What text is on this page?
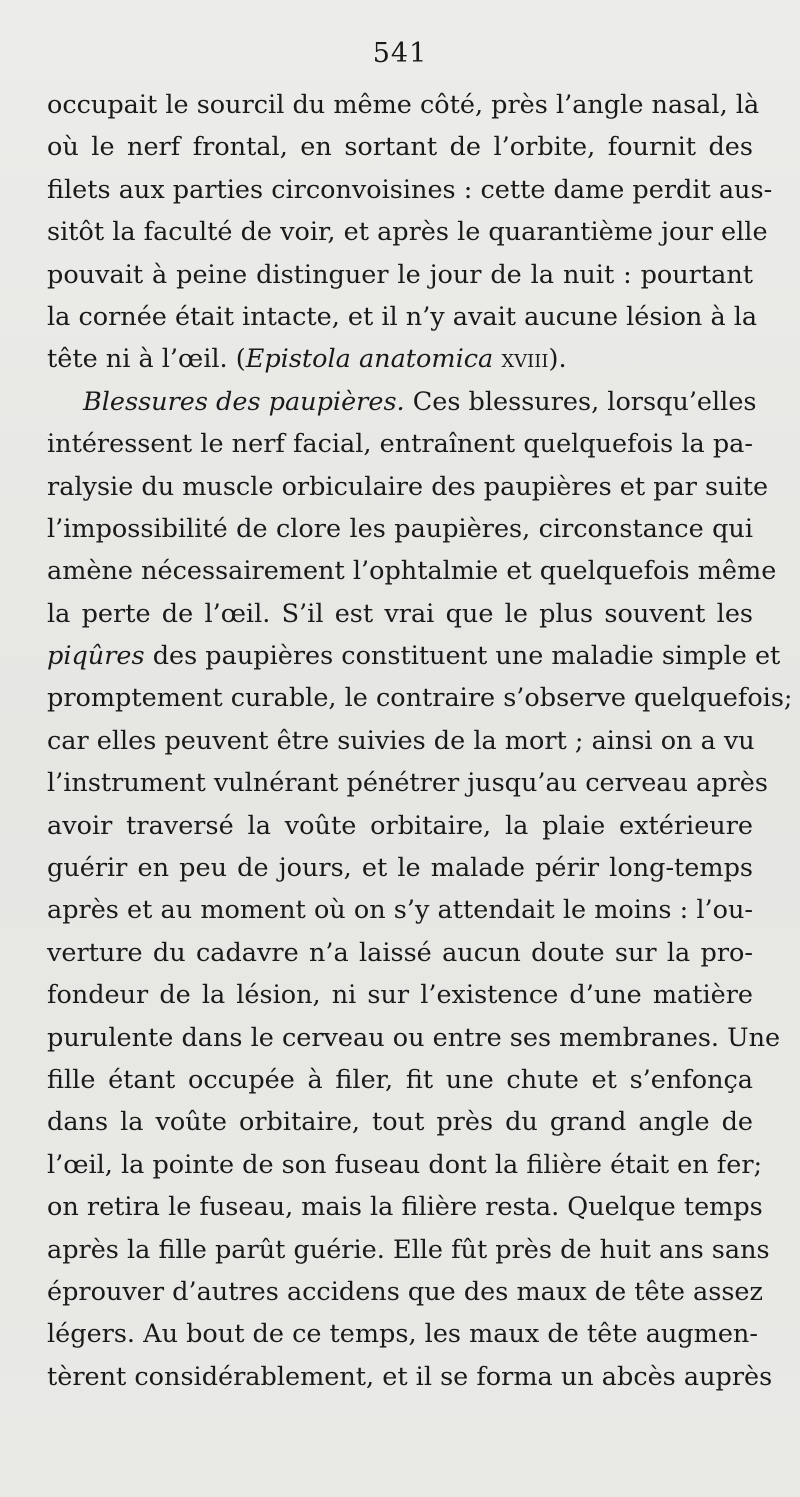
541
occupait le sourcil du même côté, près l’angle nasal, là
où le nerf frontal, en sortant de l’orbite, fournit des
filets aux parties circonvoisines : cette dame perdit aus-
sitôt la faculté de voir, et après le quarantième jour elle
pouvait à peine distinguer le jour de la nuit : pourtant
la cornée était intacte, et il n’y avait aucune lésion à la
tête ni à l’œil. (Epistola anatomica xviii).
Blessures des paupières. Ces blessures, lorsqu’elles
intéressent le nerf facial, entraînent quelquefois la pa-
ralysie du muscle orbiculaire des paupières et par suite
l’impossibilité de clore les paupières, circonstance qui
amène nécessairement l’ophtalmie et quelquefois même
la perte de l’œil. S’il est vrai que le plus souvent les
piqûres des paupières constituent une maladie simple et
promptement curable, le contraire s’observe quelquefois;
car elles peuvent être suivies de la mort ; ainsi on a vu
l’instrument vulnérant pénétrer jusqu’au cerveau après
avoir traversé la voûte orbitaire, la plaie extérieure
guérir en peu de jours, et le malade périr long-temps
après et au moment où on s’y attendait le moins : l’ou-
verture du cadavre n’a laissé aucun doute sur la pro-
fondeur de la lésion, ni sur l’existence d’une matière
purulente dans le cerveau ou entre ses membranes. Une
fille étant occupée à filer, fit une chute et s’enfonça
dans la voûte orbitaire, tout près du grand angle de
l’œil, la pointe de son fuseau dont la filière était en fer;
on retira le fuseau, mais la filière resta. Quelque temps
après la fille parût guérie. Elle fût près de huit ans sans
éprouver d’autres accidens que des maux de tête assez
légers. Au bout de ce temps, les maux de tête augmen-
tèrent considérablement, et il se forma un abcès auprès
